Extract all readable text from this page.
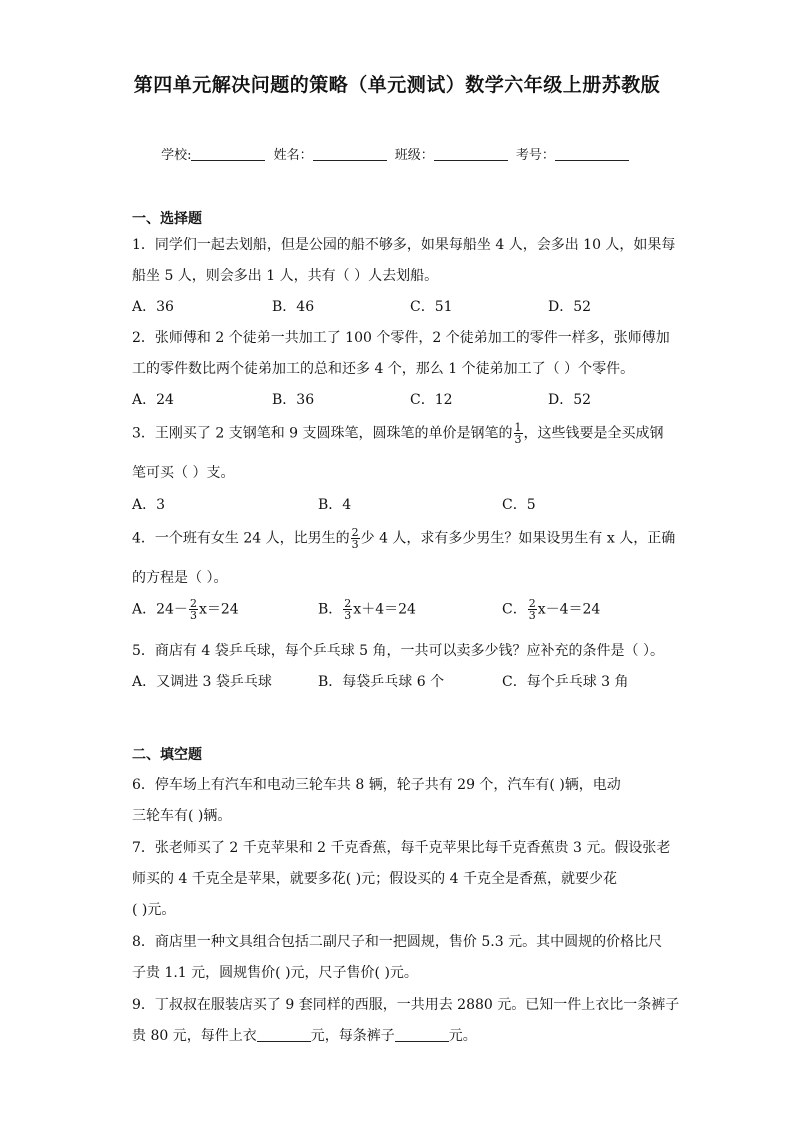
第四单元解决问题的策略（单元测试）数学六年级上册苏教版
学校:	姓名：	班级：	考号：
一、选择题
1．同学们一起去划船，但是公园的船不够多，如果每船坐 4 人，会多出 10 人，如果每
船坐 5 人，则会多出 1 人，共有（ ）人去划船。
A．36	B．46	C．51	D．52
2．张师傅和 2 个徒弟一共加工了 100 个零件，2 个徒弟加工的零件一样多，张师傅加
工的零件数比两个徒弟加工的总和还多 4 个，那么 1 个徒弟加工了（ ）个零件。
A．24	B．36	C．12	D．52
3．王刚买了 2 支钢笔和 9 支圆珠笔，圆珠笔的单价是钢笔的 $\frac{1}{3}$ ，这些钱要是全买成钢
笔可买（ ）支。
A．3	B．4	C．5
4．一个班有女生 24 人，比男生的 $\frac{2}{3}$ 少 4 人，求有多少男生？如果设男生有 x 人，正确
的方程是（ ）。
A．$24- \frac{2}{3} x=24$	B． $\frac{2}{3} x+4=24$	C． $\frac{2}{3} x-4=24$
5．商店有 4 袋乒乓球，每个乒乓球 5 角，一共可以卖多少钱？应补充的条件是（ ）。
A．又调进 3 袋乒乓球	B．每袋乒乓球 6 个	C．每个乒乓球 3 角
二、填空题
6．停车场上有汽车和电动三轮车共 8 辆，轮子共有 29 个，汽车有( )辆，电动
三轮车有( )辆。
7．张老师买了 2 千克苹果和 2 千克香蕉，每千克苹果比每千克香蕉贵 3 元。假设张老
师买的 4 千克全是苹果，就要多花( )元；假设买的 4 千克全是香蕉，就要少花
( )元。
8．商店里一种文具组合包括二副尺子和一把圆规，售价 5.3 元。其中圆规的价格比尺
子贵 1.1 元，圆规售价( )元，尺子售价( )元。
9．丁叔叔在服装店买了 9 套同样的西服，一共用去 2880 元。已知一件上衣比一条裤子
贵 80 元，每件上衣	元，每条裤子	元。
